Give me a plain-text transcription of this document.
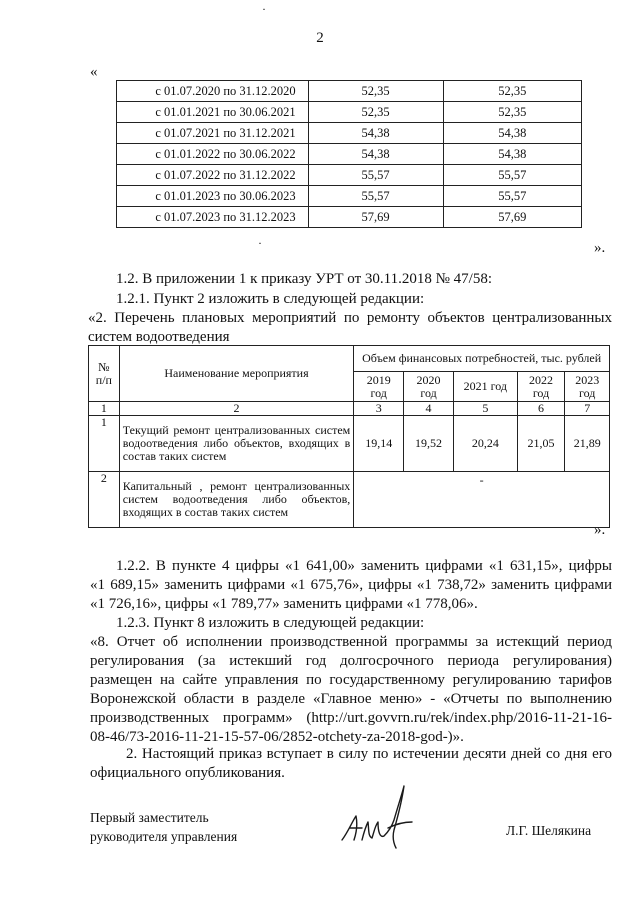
·
2
«
с 01.07.2020 по 31.12.2020	52,35	52,35
с 01.01.2021 по 30.06.2021	52,35	52,35
с 01.07.2021 по 31.12.2021	54,38	54,38
с 01.01.2022 по 30.06.2022	54,38	54,38
с 01.07.2022 по 31.12.2022	55,57	55,57
с 01.01.2023 по 30.06.2023	55,57	55,57
с 01.07.2023 по 31.12.2023	57,69	57,69
·	».
1.2. В приложении 1 к приказу УРТ от 30.11.2018 № 47/58:
1.2.1. Пункт 2 изложить в следующей редакции:
«2. Перечень плановых мероприятий по ремонту объектов централизованных
систем водоотведения
№ п/п	Наименование мероприятия	Объем финансовых потребностей, тыс. рублей				
		2019 год	2020 год	2021 год	2022 год	2023 год
1	2	3	4	5	6	7
1	Текущий ремонт централизованных систем водоотведения либо объектов, входящих в состав таких систем	19,14	19,52	20,24	21,05	21,89
2	Капитальный , ремонт централизованных систем водоотведения либо объектов, входящих в состав таких систем	-				
».
1.2.2. В пункте 4 цифры «1 641,00» заменить цифрами «1 631,15», цифры
«1 689,15» заменить цифрами «1 675,76», цифры «1 738,72» заменить цифрами
«1 726,16», цифры «1 789,77» заменить цифрами «1 778,06».
1.2.3. Пункт 8 изложить в следующей редакции:
«8. Отчет об исполнении производственной программы за истекщий период
регулирования (за истекший год долгосрочного периода регулирования)
размещен на сайте управления по государственному регулированию тарифов
Воронежской области в разделе «Главное меню» - «Отчеты по выполнению
производственных программ» (http://urt.govvrn.ru/rek/index.php/2016-11-21-16-
08-46/73-2016-11-21-15-57-06/2852-otchety-za-2018-god-)».
2. Настоящий приказ вступает в силу по истечении десяти дней со дня его
официального опубликования.
Первый заместитель
руководителя управления	Л.Г. Шелякина
